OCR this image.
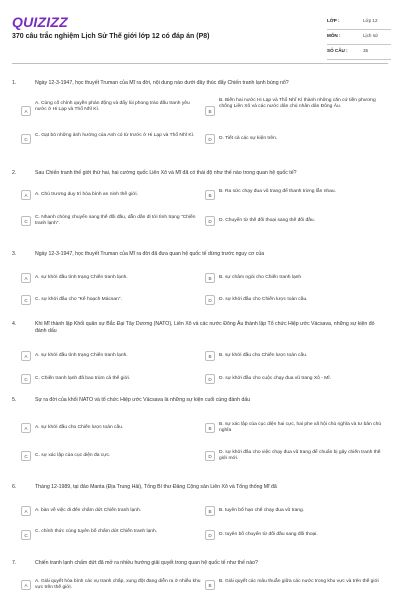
QUIZIZZ
370 câu trắc nghiệm Lịch Sử Thế giới lớp 12 có đáp án (P8)
LỚP :	Lớp 12
MÔN :	Lịch sử
SỐ CÂU :	35
1.	Ngày 12-3-1947, học thuyết Truman của Mĩ ra đời, nội dung nào dưới đây thúc đẩy Chiến tranh lạnh bùng nổ?
A
A. Củng cố chính quyền phản động và đẩy lùi phong trào đấu tranh yêu nước ở Hi Lạp và Thổ Nhĩ Kì.	B
B. Biến hai nước Hi Lạp và Thổ Nhĩ Kì thành những căn cứ tiền phương chống Liên Xô và các nước dân chủ nhân dân Đông Âu.
C
C. Gạt bỏ những ảnh hưởng của Anh có từ trước ở Hi Lạp và Thổ Nhĩ Kì.
D	D. Tiết cả các sự kiện trên.
2.	Sau Chiến tranh thế giới thứ hai, hai cường quốc Liên Xô và Mĩ đã có thái độ như thế nào trong quan hệ quốc tế?
A	A. Chủ trương duy trì hòa bình an ninh thế giới.	B
B. Ra sức chạy đua vũ trang để thanh trừng lẫn nhau.
C
C. Nhanh chóng chuyển sang thế đối đầu, dẫn dần đi tới tình trạng "Chiến tranh lạnh".	D	D. Chuyển từ thế đối thoại sang thế đối đầu.
3.	Ngày 12-3-1947, học thuyết Truman của Mĩ ra đời đã đưa quan hệ quốc tế dừng trước nguy cơ của
A	A. sự khởi đầu tình trạng Chiến tranh lạnh.	B	B. sự châm ngòi cho Chiến tranh lạnh
C	C. sự khởi đầu cho "Kế hoạch Mácsan".	D	D. sự khởi đầu cho Chiến lược toàn cầu.
4.	Khi Mĩ thành lập Khối quân sự Bắc Đại Tây Dương (NATO), Liên Xô và các nước Đông Âu thành lập Tổ chức Hiệp ước Vácsava, những sự kiện đó đánh dấu
A	A. sự khởi đầu tình trạng Chiến tranh lạnh.	B	B. sự khởi đầu cho Chiến lược toàn cầu.
C	C. Chiến tranh lạnh đã bao trùm cả thế giới.	D	D. sự khởi đầu cho cuộc chạy đua vũ trang Xô - Mĩ.
5.	Sự ra đời của khối NATO và tổ chức Hiệp ước Vácsava là những sự kiện cuối cùng đánh dấu
A	A. sự khởi đầu cho Chiến lược toàn cầu.	B
B. sự xác lập của cục diện hai cực, hai phe xã hội chủ nghĩa và tư bản chủ nghĩa
C	C. sự xác lập của cục diện đa cực.	D
D. sự khởi đầu cho việc chạy đua vũ trang để chuẩn bị gây chiến tranh thế giới mới.
6.	Tháng 12-1989, tại đảo Manta (Địa Trung Hải), Tổng Bí thư Đảng Cộng sản Liên Xô và Tổng thống Mĩ đã
A	A. bàn về việc đi đến chấm dứt Chiến tranh lạnh.	B	B. tuyên bố hạn chế chạy đua vũ trang.
C
C. chính thức cùng tuyên bố chấm dứt Chiến tranh lạnh.
D	D. tuyên bố chuyển từ đối đầu sang đối thoại.
7.	Chiến tranh lạnh chấm dứt đã mở ra nhiều hướng giải quyết trong quan hệ quốc tế như thế nào?
A
A. Giải quyết hòa bình các vụ tranh chấp, xung đột đang diễn ra ở nhiều khu vực trên thế giới.	B
B. Giải quyết các mâu thuẫn giữa các nước trong khu vực và trên thế giới
